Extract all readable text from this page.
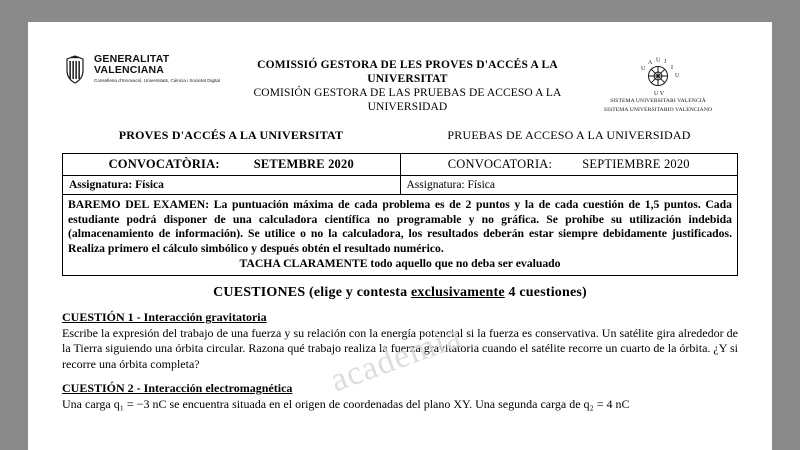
GENERALITAT
VALENCIANA
Conselleria d'Innovació, Universitats, Ciència i Societat Digital
COMISSIÓ GESTORA DE LES PROVES D'ACCÉS A LA UNIVERSITAT
COMISIÓN GESTORA DE LAS PRUEBAS DE ACCESO A LA UNIVERSIDAD
U
A U J
I
U
U V
SISTEMA UNIVERSITARI VALENCIÀ
SISTEMA UNIVERSITARIO VALENCIANO
PROVES D'ACCÉS A LA UNIVERSITAT	PRUEBAS DE ACCESO A LA UNIVERSIDAD
CONVOCATÒRIA: SETEMBRE 2020	CONVOCATORIA: SEPTIEMBRE 2020
Assignatura: Física	Assignatura: Física
BAREMO DEL EXAMEN: La puntuación máxima de cada problema es de 2 puntos y la de cada cuestión de 1,5 puntos. Cada estudiante podrá disponer de una calculadora científica no programable y no gráfica. Se prohíbe su utilización indebida (almacenamiento de información). Se utilice o no la calculadora, los resultados deberán estar siempre debidamente justificados. Realiza primero el cálculo simbólico y después obtén el resultado numérico.
TACHA CLARAMENTE todo aquello que no deba ser evaluado	
CUESTIONES (elige y contesta exclusivamente 4 cuestiones)
CUESTIÓN 1 - Interacción gravitatoria
Escribe la expresión del trabajo de una fuerza y su relación con la energía potencial si la fuerza es conservativa. Un satélite gira alrededor de la Tierra siguiendo una órbita circular. Razona qué trabajo realiza la fuerza gravitatoria cuando el satélite recorre un cuarto de la órbita. ¿Y si recorre una órbita completa?
CUESTIÓN 2 - Interacción electromagnética
Una carga q₁ = −3 nC se encuentra situada en el origen de coordenadas del plano XY. Una segunda carga de q₂ = 4 nC
academia
